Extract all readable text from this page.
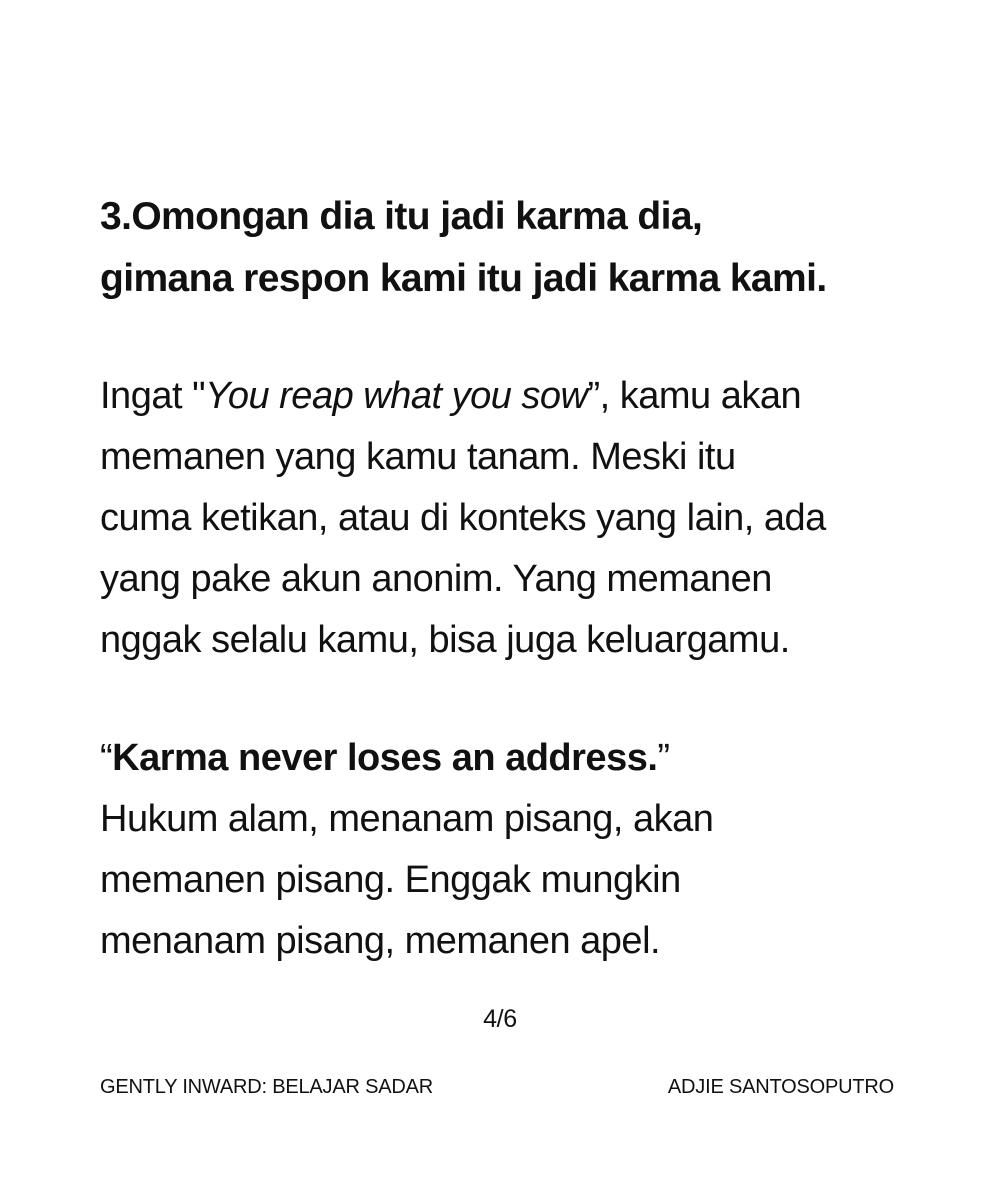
3.Omongan dia itu jadi karma dia,
gimana respon kami itu jadi karma kami.

Ingat "You reap what you sow”, kamu akan
memanen yang kamu tanam. Meski itu
cuma ketikan, atau di konteks yang lain, ada
yang pake akun anonim. Yang memanen
nggak selalu kamu, bisa juga keluargamu.

“Karma never loses an address.”
Hukum alam, menanam pisang, akan
memanen pisang. Enggak mungkin
menanam pisang, memanen apel.

4/6
GENTLY INWARD: BELAJAR SADAR	ADJIE SANTOSOPUTRO
